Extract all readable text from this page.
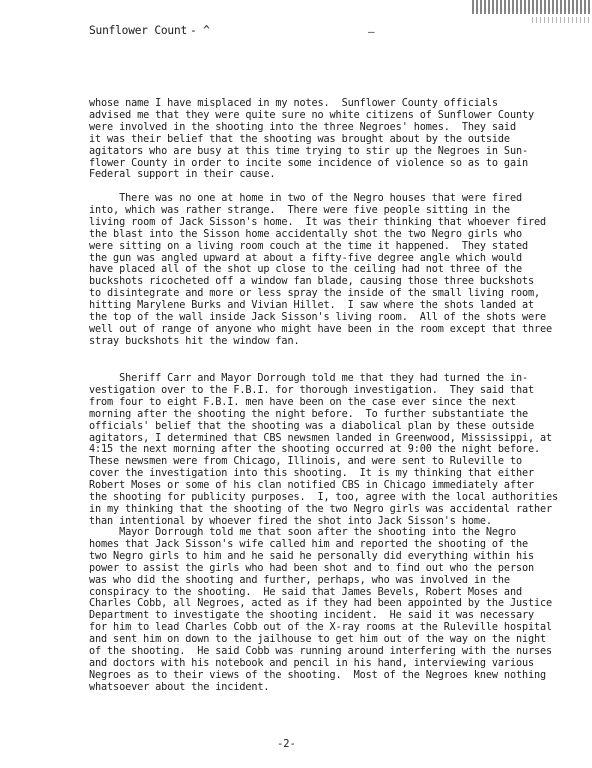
Sunflower Count - ^	–

whose name I have misplaced in my notes.  Sunflower County officials
advised me that they were quite sure no white citizens of Sunflower County
were involved in the shooting into the three Negroes' homes.  They said
it was their belief that the shooting was brought about by the outside
agitators who are busy at this time trying to stir up the Negroes in Sun-
flower County in order to incite some incidence of violence so as to gain
Federal support in their cause.

There was no one at home in two of the Negro houses that were fired
into, which was rather strange.  There were five people sitting in the
living room of Jack Sisson's home.  It was their thinking that whoever fired
the blast into the Sisson home accidentally shot the two Negro girls who
were sitting on a living room couch at the time it happened.  They stated
the gun was angled upward at about a fifty-five degree angle which would
have placed all of the shot up close to the ceiling had not three of the
buckshots ricocheted off a window fan blade, causing those three buckshots
to disintegrate and more or less spray the inside of the small living room,
hitting Marylene Burks and Vivian Hillet.  I saw where the shots landed at
the top of the wall inside Jack Sisson's living room.  All of the shots were
well out of range of anyone who might have been in the room except that three
stray buckshots hit the window fan.

Sheriff Carr and Mayor Dorrough told me that they had turned the in-
vestigation over to the F.B.I. for thorough investigation.  They said that
from four to eight F.B.I. men have been on the case ever since the next
morning after the shooting the night before.  To further substantiate the
officials' belief that the shooting was a diabolical plan by these outside
agitators, I determined that CBS newsmen landed in Greenwood, Mississippi, at
4:15 the next morning after the shooting occurred at 9:00 the night before.
These newsmen were from Chicago, Illinois, and were sent to Ruleville to
cover the investigation into this shooting.  It is my thinking that either
Robert Moses or some of his clan notified CBS in Chicago immediately after
the shooting for publicity purposes.  I, too, agree with the local authorities
in my thinking that the shooting of the two Negro girls was accidental rather
than intentional by whoever fired the shot into Jack Sisson's home.

Mayor Dorrough told me that soon after the shooting into the Negro
homes that Jack Sisson's wife called him and reported the shooting of the
two Negro girls to him and he said he personally did everything within his
power to assist the girls who had been shot and to find out who the person
was who did the shooting and further, perhaps, who was involved in the
conspiracy to the shooting.  He said that James Bevels, Robert Moses and
Charles Cobb, all Negroes, acted as if they had been appointed by the Justice
Department to investigate the shooting incident.  He said it was necessary
for him to lead Charles Cobb out of the X-ray rooms at the Ruleville hospital
and sent him on down to the jailhouse to get him out of the way on the night
of the shooting.  He said Cobb was running around interfering with the nurses
and doctors with his notebook and pencil in his hand, interviewing various
Negroes as to their views of the shooting.  Most of the Negroes knew nothing
whatsoever about the incident.

-2-
